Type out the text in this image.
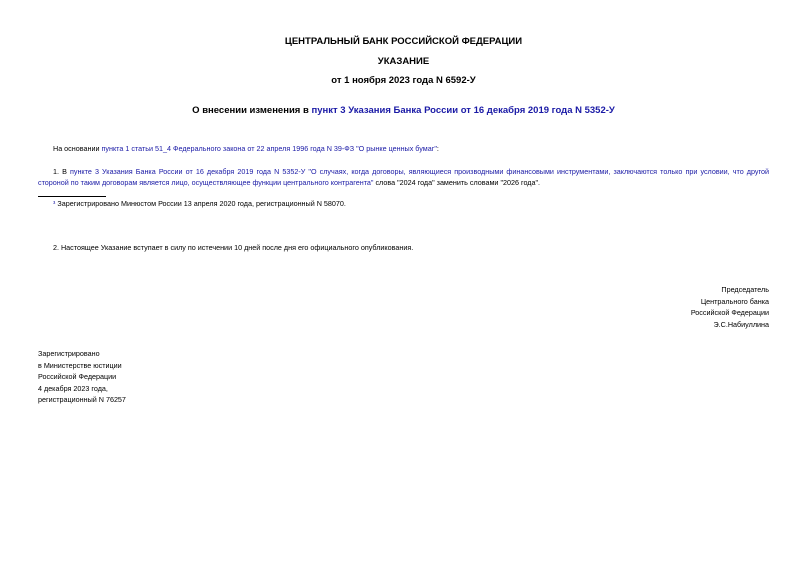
ЦЕНТРАЛЬНЫЙ БАНК РОССИЙСКОЙ ФЕДЕРАЦИИ
УКАЗАНИЕ
от 1 ноября 2023 года N 6592-У
О внесении изменения в пункт 3 Указания Банка России от 16 декабря 2019 года N 5352-У
На основании пункта 1 статьи 51_4 Федерального закона от 22 апреля 1996 года N 39-ФЗ "О рынке ценных бумаг":
1. В пункте 3 Указания Банка России от 16 декабря 2019 года N 5352-У "О случаях, когда договоры, являющиеся производными финансовыми инструментами, заключаются только при условии, что другой стороной по таким договорам является лицо, осуществляющее функции центрального контрагента" слова "2024 года" заменить словами "2026 года".
¹ Зарегистрировано Минюстом России 13 апреля 2020 года, регистрационный N 58070.
2. Настоящее Указание вступает в силу по истечении 10 дней после дня его официального опубликования.
Председатель
Центрального банка
Российской Федерации
Э.С.Набиуллина
Зарегистрировано
в Министерстве юстиции
Российской Федерации
4 декабря 2023 года,
регистрационный N 76257
